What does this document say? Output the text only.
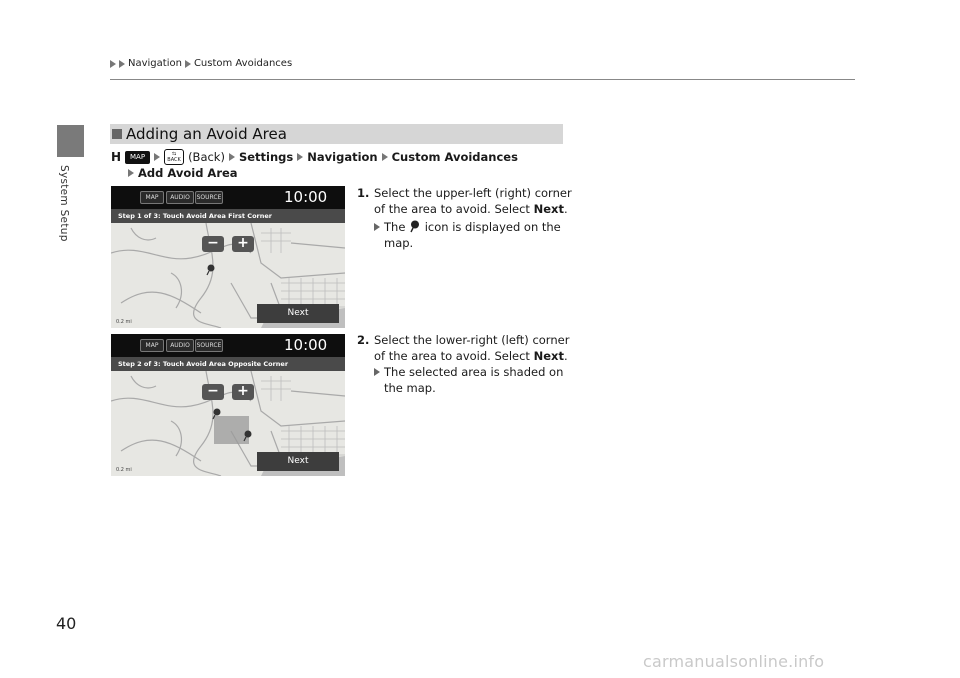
Navigation Custom Avoidances
System Setup
Adding an Avoid Area
H	MAP	⇆
BACK (Back) Settings Navigation Custom Avoidances
Add Avoid Area
MAP	AUDIO	SOURCE	10:00
Step 1 of 3: Touch Avoid Area First Corner
−	+
Next
0.2 mi
MAP	AUDIO	SOURCE	10:00
Step 2 of 3: Touch Avoid Area Opposite Corner
−	+
Next
0.2 mi
1. Select the upper-left (right) corner
of the area to avoid. Select Next.
The icon is displayed on the
map.
2. Select the lower-right (left) corner
of the area to avoid. Select Next.
The selected area is shaded on
the map.
40
carmanualsonline.info
